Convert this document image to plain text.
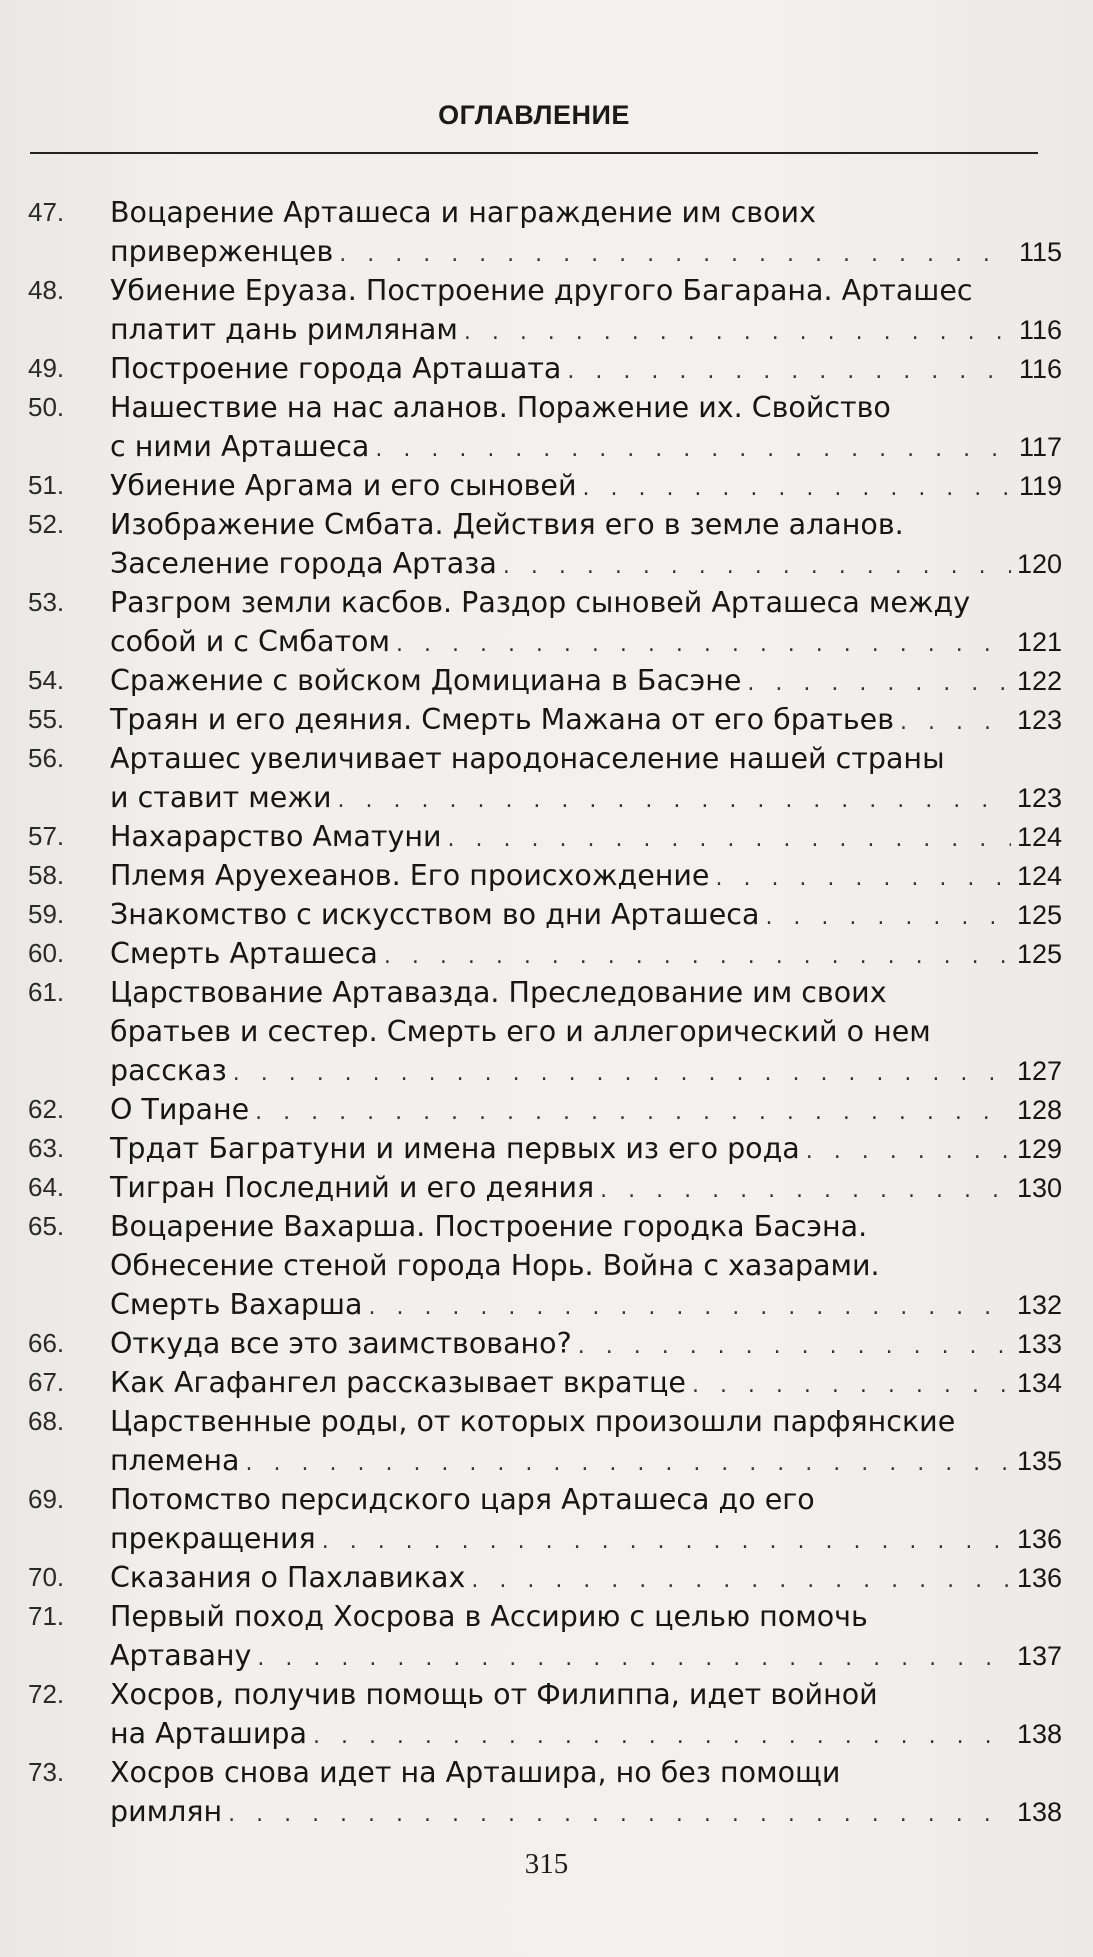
ОГЛАВЛЕНИЕ
47.	Воцарение Арташеса и награждение им своих
приверженцев . . .	115
48.	Убиение Еруаза. Построение другого Багарана. Арташес
платит дань римлянам . . .	116
49.	Построение города Арташата . . .	116
50.	Нашествие на нас аланов. Поражение их. Свойство
с ними Арташеса . . .	117
51.	Убиение Аргама и его сыновей . . .	119
52.	Изображение Смбата. Действия его в земле аланов.
Заселение города Артаза . . .	120
53.	Разгром земли касбов. Раздор сыновей Арташеса между
собой и с Смбатом . . .	121
54.	Сражение с войском Домициана в Басэне . . .	122
55.	Траян и его деяния. Смерть Мажана от его братьев . . .	123
56.	Арташес увеличивает народонаселение нашей страны
и ставит межи . . .	123
57.	Нахарарство Аматуни . . .	124
58.	Племя Аруехеанов. Его происхождение . . .	124
59.	Знакомство с искусством во дни Арташеса . . .	125
60.	Смерть Арташеса . . .	125
61.	Царствование Артавазда. Преследование им своих
братьев и сестер. Смерть его и аллегорический о нем
рассказ . . .	127
62.	О Тиране . . .	128
63.	Трдат Багратуни и имена первых из его рода . . .	129
64.	Тигран Последний и его деяния . . .	130
65.	Воцарение Вахарша. Построение городка Басэна.
Обнесение стеной города Норь. Война с хазарами.
Смерть Вахарша . . .	132
66.	Откуда все это заимствовано? . . .	133
67.	Как Агафангел рассказывает вкратце . . .	134
68.	Царственные роды, от которых произошли парфянские
племена . . .	135
69.	Потомство персидского царя Арташеса до его
прекращения . . .	136
70.	Сказания о Пахлавиках . . .	136
71.	Первый поход Хосрова в Ассирию с целью помочь
Артавану . . .	137
72.	Хосров, получив помощь от Филиппа, идет войной
на Арташира . . .	138
73.	Хосров снова идет на Арташира, но без помощи
римлян . . .	138
315
